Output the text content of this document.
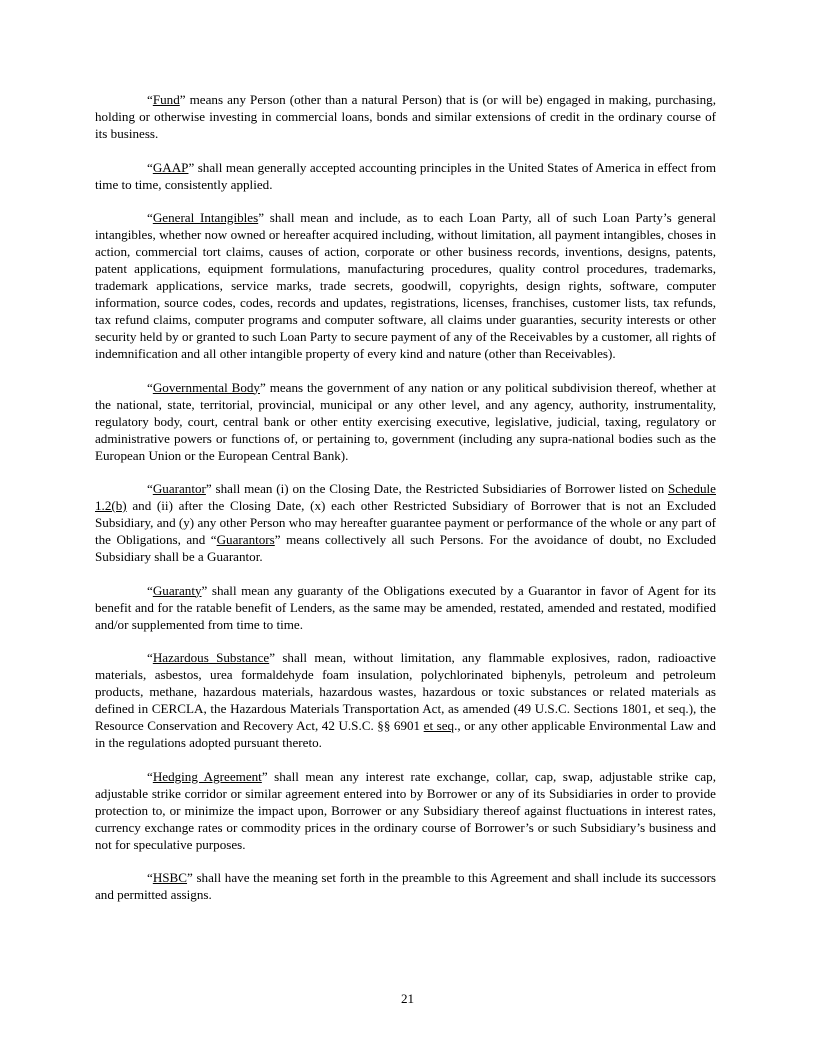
“Fund” means any Person (other than a natural Person) that is (or will be) engaged in making, purchasing, holding or otherwise investing in commercial loans, bonds and similar extensions of credit in the ordinary course of its business.

“GAAP” shall mean generally accepted accounting principles in the United States of America in effect from time to time, consistently applied.

“General Intangibles” shall mean and include, as to each Loan Party, all of such Loan Party’s general intangibles, whether now owned or hereafter acquired including, without limitation, all payment intangibles, choses in action, commercial tort claims, causes of action, corporate or other business records, inventions, designs, patents, patent applications, equipment formulations, manufacturing procedures, quality control procedures, trademarks, trademark applications, service marks, trade secrets, goodwill, copyrights, design rights, software, computer information, source codes, codes, records and updates, registrations, licenses, franchises, customer lists, tax refunds, tax refund claims, computer programs and computer software, all claims under guaranties, security interests or other security held by or granted to such Loan Party to secure payment of any of the Receivables by a customer, all rights of indemnification and all other intangible property of every kind and nature (other than Receivables).

“Governmental Body” means the government of any nation or any political subdivision thereof, whether at the national, state, territorial, provincial, municipal or any other level, and any agency, authority, instrumentality, regulatory body, court, central bank or other entity exercising executive, legislative, judicial, taxing, regulatory or administrative powers or functions of, or pertaining to, government (including any supra-national bodies such as the European Union or the European Central Bank).

“Guarantor” shall mean (i) on the Closing Date, the Restricted Subsidiaries of Borrower listed on Schedule 1.2(b) and (ii) after the Closing Date, (x) each other Restricted Subsidiary of Borrower that is not an Excluded Subsidiary, and (y) any other Person who may hereafter guarantee payment or performance of the whole or any part of the Obligations, and “Guarantors” means collectively all such Persons. For the avoidance of doubt, no Excluded Subsidiary shall be a Guarantor.

“Guaranty” shall mean any guaranty of the Obligations executed by a Guarantor in favor of Agent for its benefit and for the ratable benefit of Lenders, as the same may be amended, restated, amended and restated, modified and/or supplemented from time to time.

“Hazardous Substance” shall mean, without limitation, any flammable explosives, radon, radioactive materials, asbestos, urea formaldehyde foam insulation, polychlorinated biphenyls, petroleum and petroleum products, methane, hazardous materials, hazardous wastes, hazardous or toxic substances or related materials as defined in CERCLA, the Hazardous Materials Transportation Act, as amended (49 U.S.C. Sections 1801, et seq.), the Resource Conservation and Recovery Act, 42 U.S.C. §§ 6901 et seq., or any other applicable Environmental Law and in the regulations adopted pursuant thereto.

“Hedging Agreement” shall mean any interest rate exchange, collar, cap, swap, adjustable strike cap, adjustable strike corridor or similar agreement entered into by Borrower or any of its Subsidiaries in order to provide protection to, or minimize the impact upon, Borrower or any Subsidiary thereof against fluctuations in interest rates, currency exchange rates or commodity prices in the ordinary course of Borrower’s or such Subsidiary’s business and not for speculative purposes.

“HSBC” shall have the meaning set forth in the preamble to this Agreement and shall include its successors and permitted assigns.

21
